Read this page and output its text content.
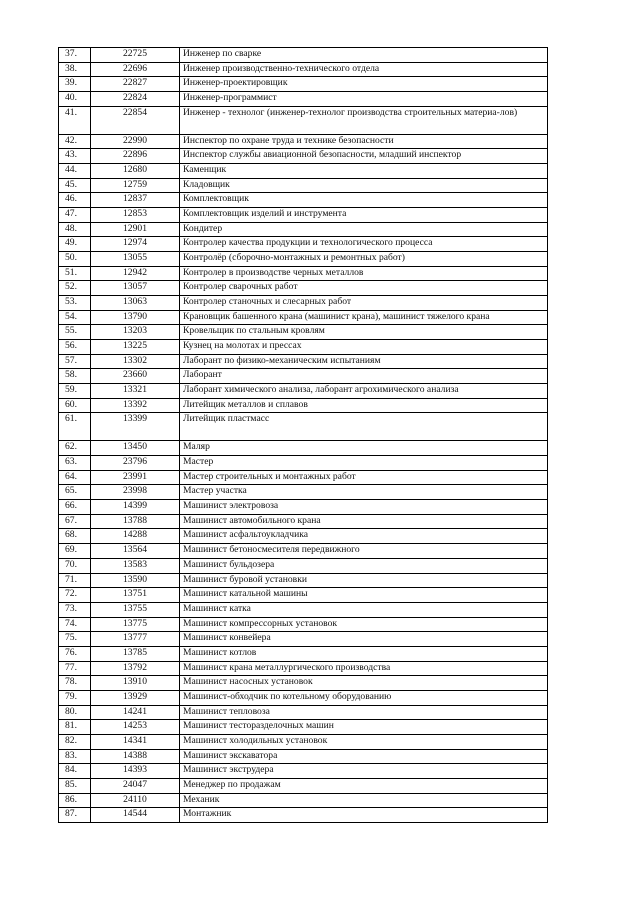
37.	22725	Инженер по сварке
38.	22696	Инженер производственно-технического отдела
39.	22827	Инженер-проектировщик
40.	22824	Инженер-программист
41.	22854	Инженер - технолог (инженер-технолог производства строительных материа-лов)
42.	22990	Инспектор по охране труда и технике безопасности
43.	22896	Инспектор службы авиационной безопасности, младший инспектор
44.	12680	Каменщик
45.	12759	Кладовщик
46.	12837	Комплектовщик
47.	12853	Комплектовщик изделий и инструмента
48.	12901	Кондитер
49.	12974	Контролер качества продукции и технологического процесса
50.	13055	Контролёр (сборочно-монтажных и ремонтных работ)
51.	12942	Контролер в производстве черных металлов
52.	13057	Контролер сварочных работ
53.	13063	Контролер станочных и слесарных работ
54.	13790	Крановщик башенного крана (машинист крана), машинист тяжелого крана
55.	13203	Кровельщик по стальным кровлям
56.	13225	Кузнец на молотах и прессах
57.	13302	Лаборант по физико-механическим испытаниям
58.	23660	Лаборант
59.	13321	Лаборант химического анализа, лаборант агрохимического анализа
60.	13392	Литейщик металлов и сплавов
61.	13399	Литейщик пластмасс
62.	13450	Маляр
63.	23796	Мастер
64.	23991	Мастер строительных и монтажных работ
65.	23998	Мастер участка
66.	14399	Машинист электровоза
67.	13788	Машинист автомобильного крана
68.	14288	Машинист асфальтоукладчика
69.	13564	Машинист бетоносмесителя передвижного
70.	13583	Машинист бульдозера
71.	13590	Машинист буровой установки
72.	13751	Машинист катальной машины
73.	13755	Машинист катка
74.	13775	Машинист компрессорных установок
75.	13777	Машинист конвейера
76.	13785	Машинист котлов
77.	13792	Машинист крана металлургического производства
78.	13910	Машинист насосных установок
79.	13929	Машинист-обходчик по котельному оборудованию
80.	14241	Машинист тепловоза
81.	14253	Машинист тесторазделочных машин
82.	14341	Машинист холодильных установок
83.	14388	Машинист экскаватора
84.	14393	Машинист экструдера
85.	24047	Менеджер по продажам
86.	24110	Механик
87.	14544	Монтажник
